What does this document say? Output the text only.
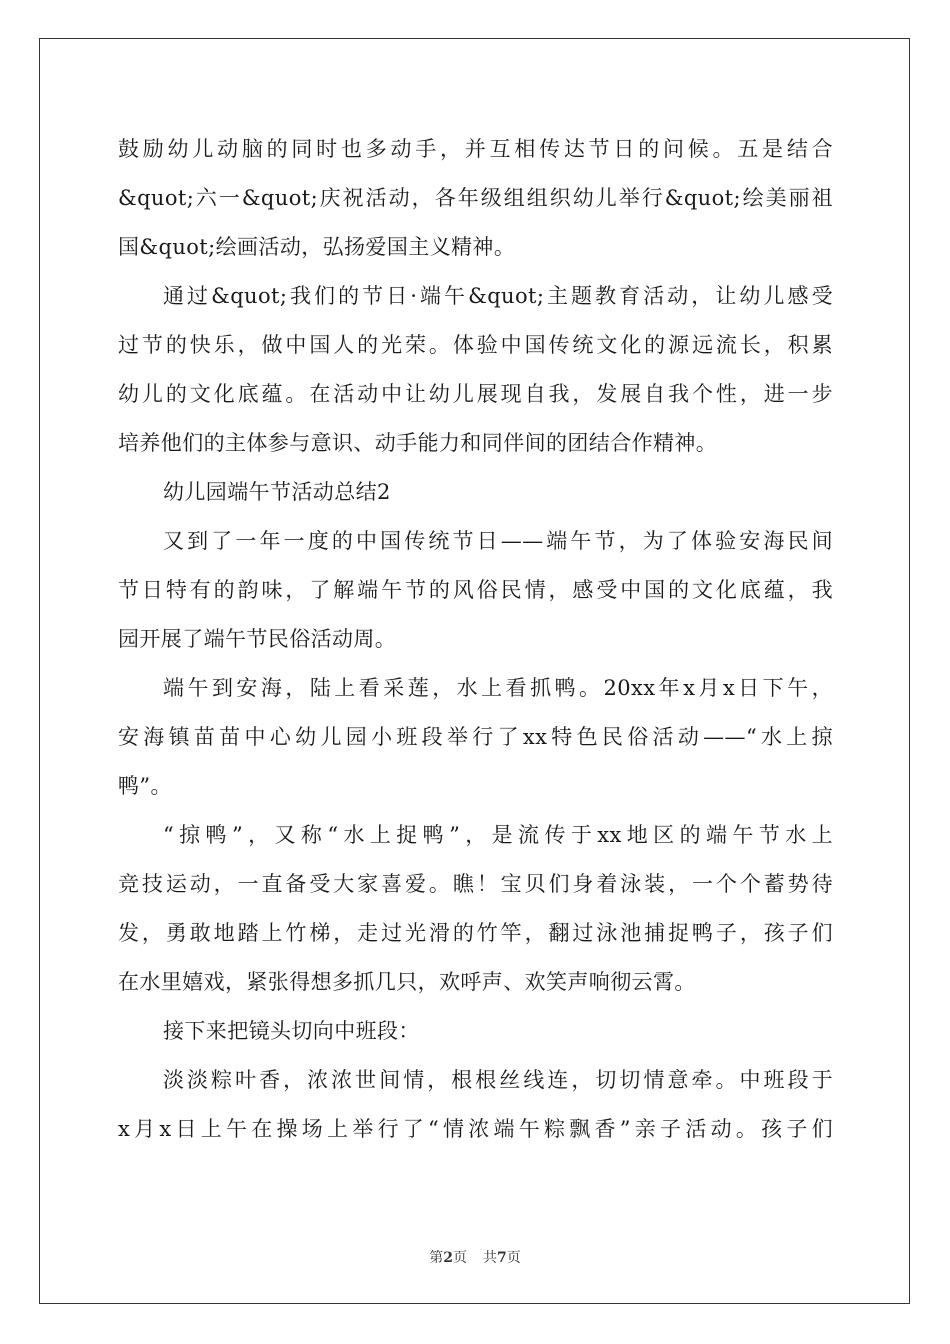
鼓励幼儿动脑的同时也多动手，并互相传达节日的问候。五是结合
&quot;六一&quot;庆祝活动，各年级组组织幼儿举行&quot;绘美丽祖
国&quot;绘画活动，弘扬爱国主义精神。
通过&quot;我们的节日·端午&quot;主题教育活动，让幼儿感受
过节的快乐，做中国人的光荣。体验中国传统文化的源远流长，积累
幼儿的文化底蕴。在活动中让幼儿展现自我，发展自我个性，进一步
培养他们的主体参与意识、动手能力和同伴间的团结合作精神。
幼儿园端午节活动总结2
又到了一年一度的中国传统节日——端午节，为了体验安海民间
节日特有的韵味，了解端午节的风俗民情，感受中国的文化底蕴，我
园开展了端午节民俗活动周。
端午到安海，陆上看采莲，水上看抓鸭。20xx年x月x日下午，
安海镇苗苗中心幼儿园小班段举行了xx特色民俗活动——“水上掠
鸭”。
“掠鸭”，又称“水上捉鸭”，是流传于xx地区的端午节水上
竞技运动，一直备受大家喜爱。瞧！宝贝们身着泳装，一个个蓄势待
发，勇敢地踏上竹梯，走过光滑的竹竿，翻过泳池捕捉鸭子，孩子们
在水里嬉戏，紧张得想多抓几只，欢呼声、欢笑声响彻云霄。
接下来把镜头切向中班段：
淡淡粽叶香，浓浓世间情，根根丝线连，切切情意牵。中班段于
x月x日上午在操场上举行了“情浓端午粽飘香”亲子活动。孩子们
第2页 共7页
